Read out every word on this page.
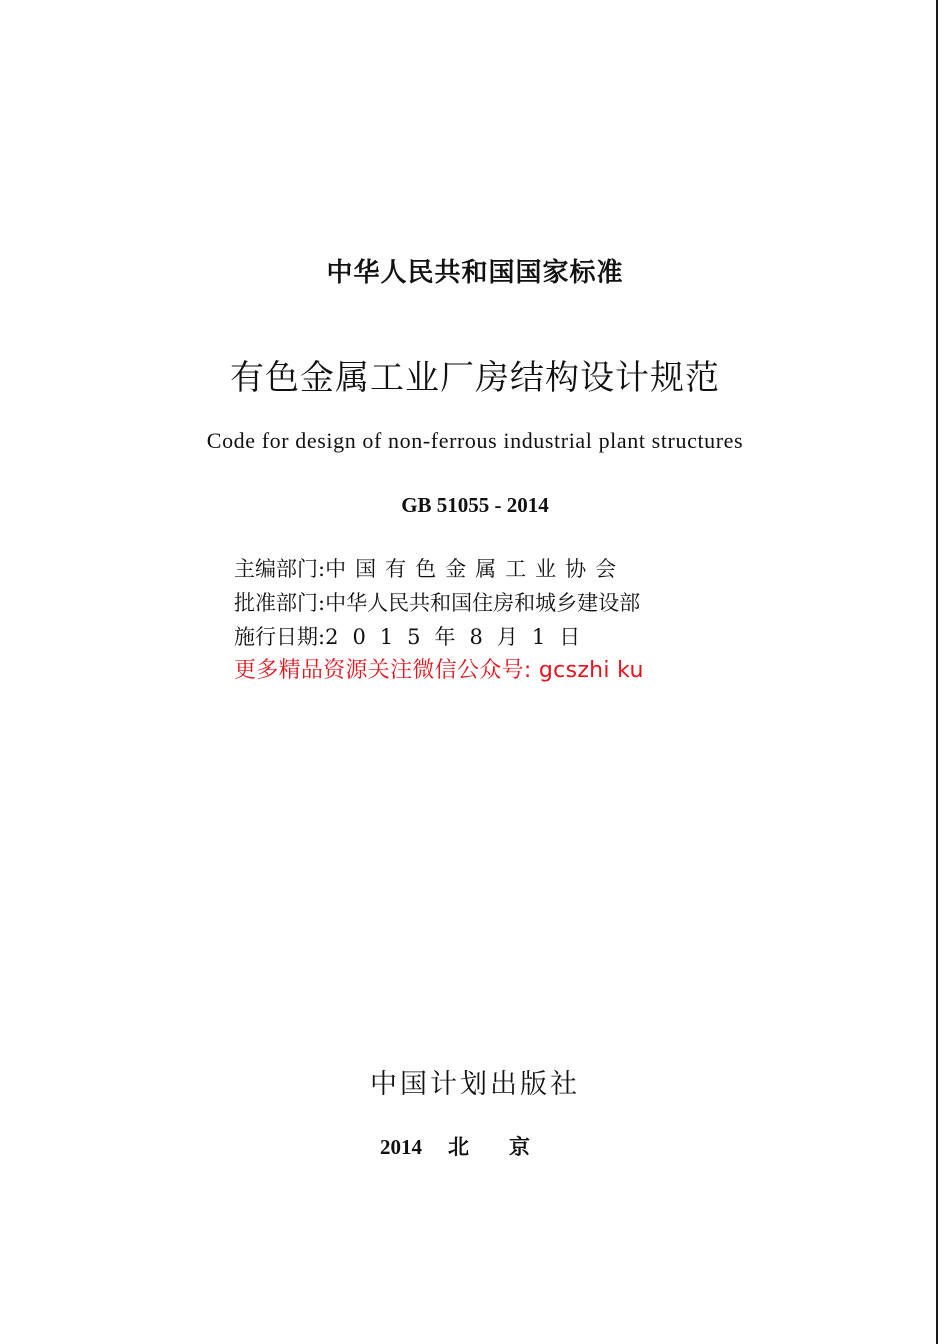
中华人民共和国国家标准
有色金属工业厂房结构设计规范
Code for design of non-ferrous industrial plant structures
GB 51055 - 2014
主编部门:中国有色金属工业协会
批准部门:中华人民共和国住房和城乡建设部
施行日期:2015年8月1日
更多精品资源关注微信公众号: gcszhi ku
中国计划出版社
2014 北京
